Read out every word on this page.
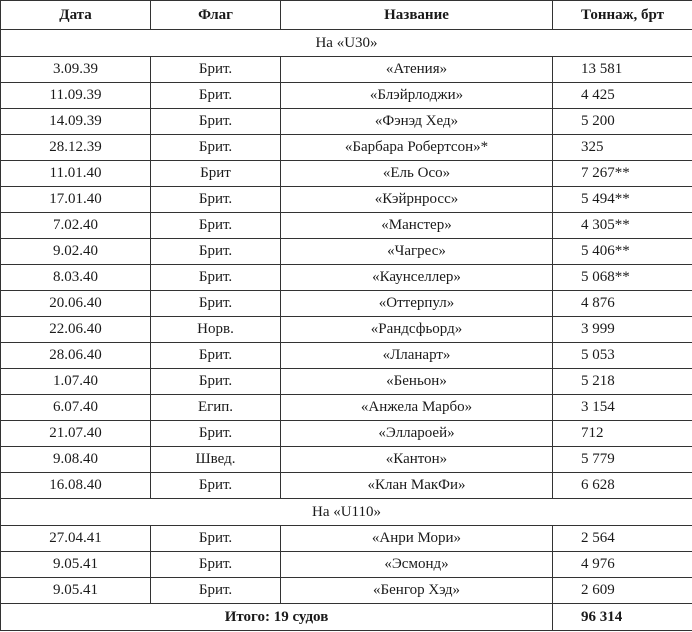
Дата	Флаг	Название	Тоннаж, брт
На «U30»			
3.09.39	Брит.	«Атения»	13 581
11.09.39	Брит.	«Блэйрлоджи»	4 425
14.09.39	Брит.	«Фэнэд Хед»	5 200
28.12.39	Брит.	«Барбара Робертсон»*	325
11.01.40	Брит	«Ель Осо»	7 267**
17.01.40	Брит.	«Кэйрнросс»	5 494**
7.02.40	Брит.	«Манстер»	4 305**
9.02.40	Брит.	«Чагрес»	5 406**
8.03.40	Брит.	«Каунселлер»	5 068**
20.06.40	Брит.	«Оттерпул»	4 876
22.06.40	Норв.	«Рандсфьорд»	3 999
28.06.40	Брит.	«Лланарт»	5 053
1.07.40	Брит.	«Беньон»	5 218
6.07.40	Егип.	«Анжела Марбо»	3 154
21.07.40	Брит.	«Эллароей»	712
9.08.40	Швед.	«Кантон»	5 779
16.08.40	Брит.	«Клан МакФи»	6 628
На «U110»			
27.04.41	Брит.	«Анри Мори»	2 564
9.05.41	Брит.	«Эсмонд»	4 976
9.05.41	Брит.	«Бенгор Хэд»	2 609
Итого: 19 судов			96 314
